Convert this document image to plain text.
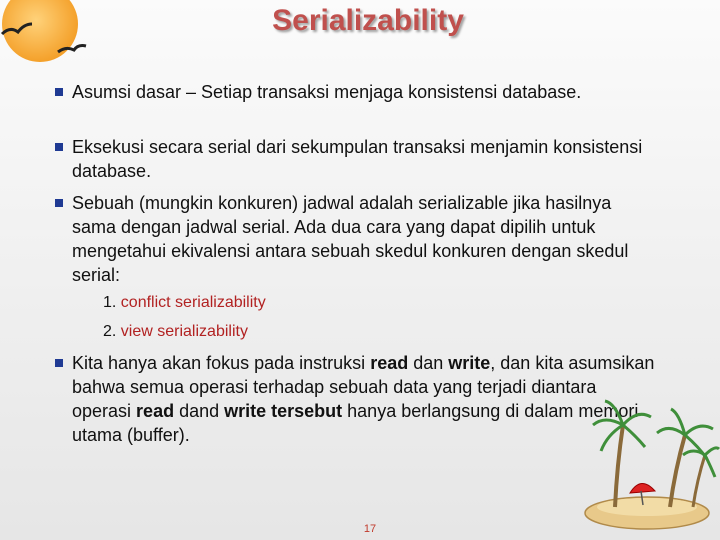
Serializability
Asumsi dasar – Setiap transaksi menjaga konsistensi database.
Eksekusi secara serial dari sekumpulan transaksi menjamin konsistensi database.
Sebuah (mungkin konkuren) jadwal adalah serializable jika hasilnya sama dengan jadwal serial. Ada dua cara yang dapat dipilih untuk mengetahui ekivalensi antara sebuah skedul konkuren dengan skedul serial:
1. conflict serializability
2. view serializability
Kita hanya akan fokus pada instruksi read dan write, dan kita asumsikan bahwa semua operasi terhadap sebuah data yang terjadi diantara operasi read dand write tersebut hanya berlangsung di dalam memori utama (buffer).
17
